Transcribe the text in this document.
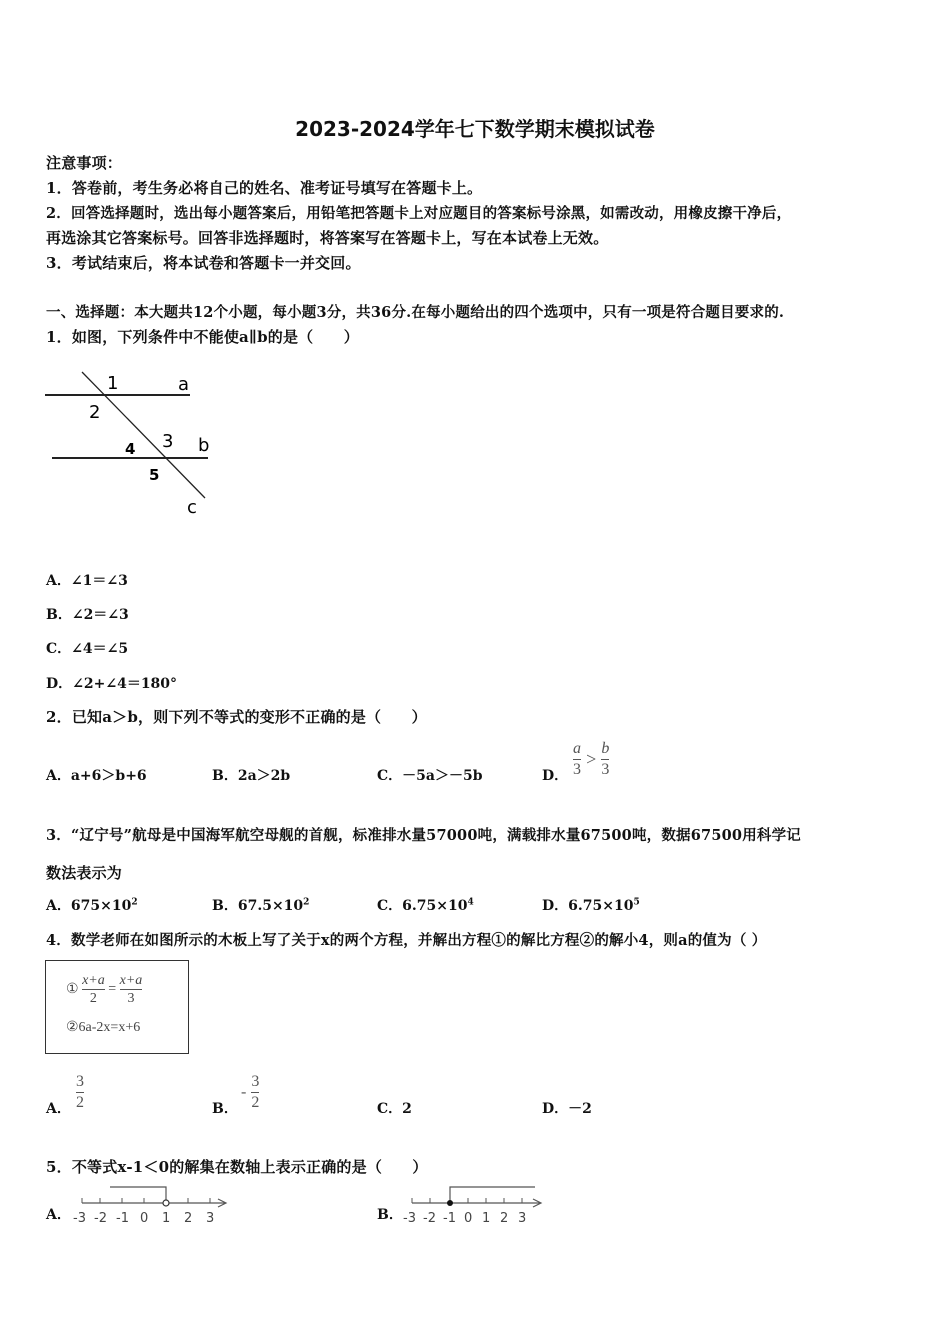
2023-2024学年七下数学期末模拟试卷
注意事项：
1．答卷前，考生务必将自己的姓名、准考证号填写在答题卡上。
2．回答选择题时，选出每小题答案后，用铅笔把答题卡上对应题目的答案标号涂黑，如需改动，用橡皮擦干净后，
再选涂其它答案标号。回答非选择题时，将答案写在答题卡上，写在本试卷上无效。
3．考试结束后，将本试卷和答题卡一并交回。
一、选择题：本大题共12个小题，每小题3分，共36分.在每小题给出的四个选项中，只有一项是符合题目要求的.
1．如图，下列条件中不能使a∥b的是（　　）
1	a
2
3 b
4
5
c
A．∠1＝∠3
B．∠2＝∠3
C．∠4＝∠5
D．∠2+∠4＝180°
2．已知a＞b，则下列不等式的变形不正确的是（　　）
A．a+6＞b+6	B．2a＞2b	C．－5a＞－5b	D． $\frac{a}{3} > \frac{b}{3}$
3．“辽宁号”航母是中国海军航空母舰的首舰，标准排水量57000吨，满载排水量67500吨，数据67500用科学记
数法表示为
A．$675\times 10^2$	B．$67.5\times 10^2$	C．$6.75\times 10^4$	D．$6.75\times 10^5$
4．数学老师在如图所示的木板上写了关于x的两个方程，并解出方程①的解比方程②的解小4，则a的值为（ ）
① $\frac{x+a}{2} = \frac{x+a}{3}$
②6a-2x=x+6
A． $\frac{3}{2}$	B．
- $\frac{3}{2}$	C．2	D．－2
5．不等式x-1＜0的解集在数轴上表示正确的是（　　）
A． -3 -2 -1 0 1 2 3	B． -3 -2 -1 0 1 2 3
